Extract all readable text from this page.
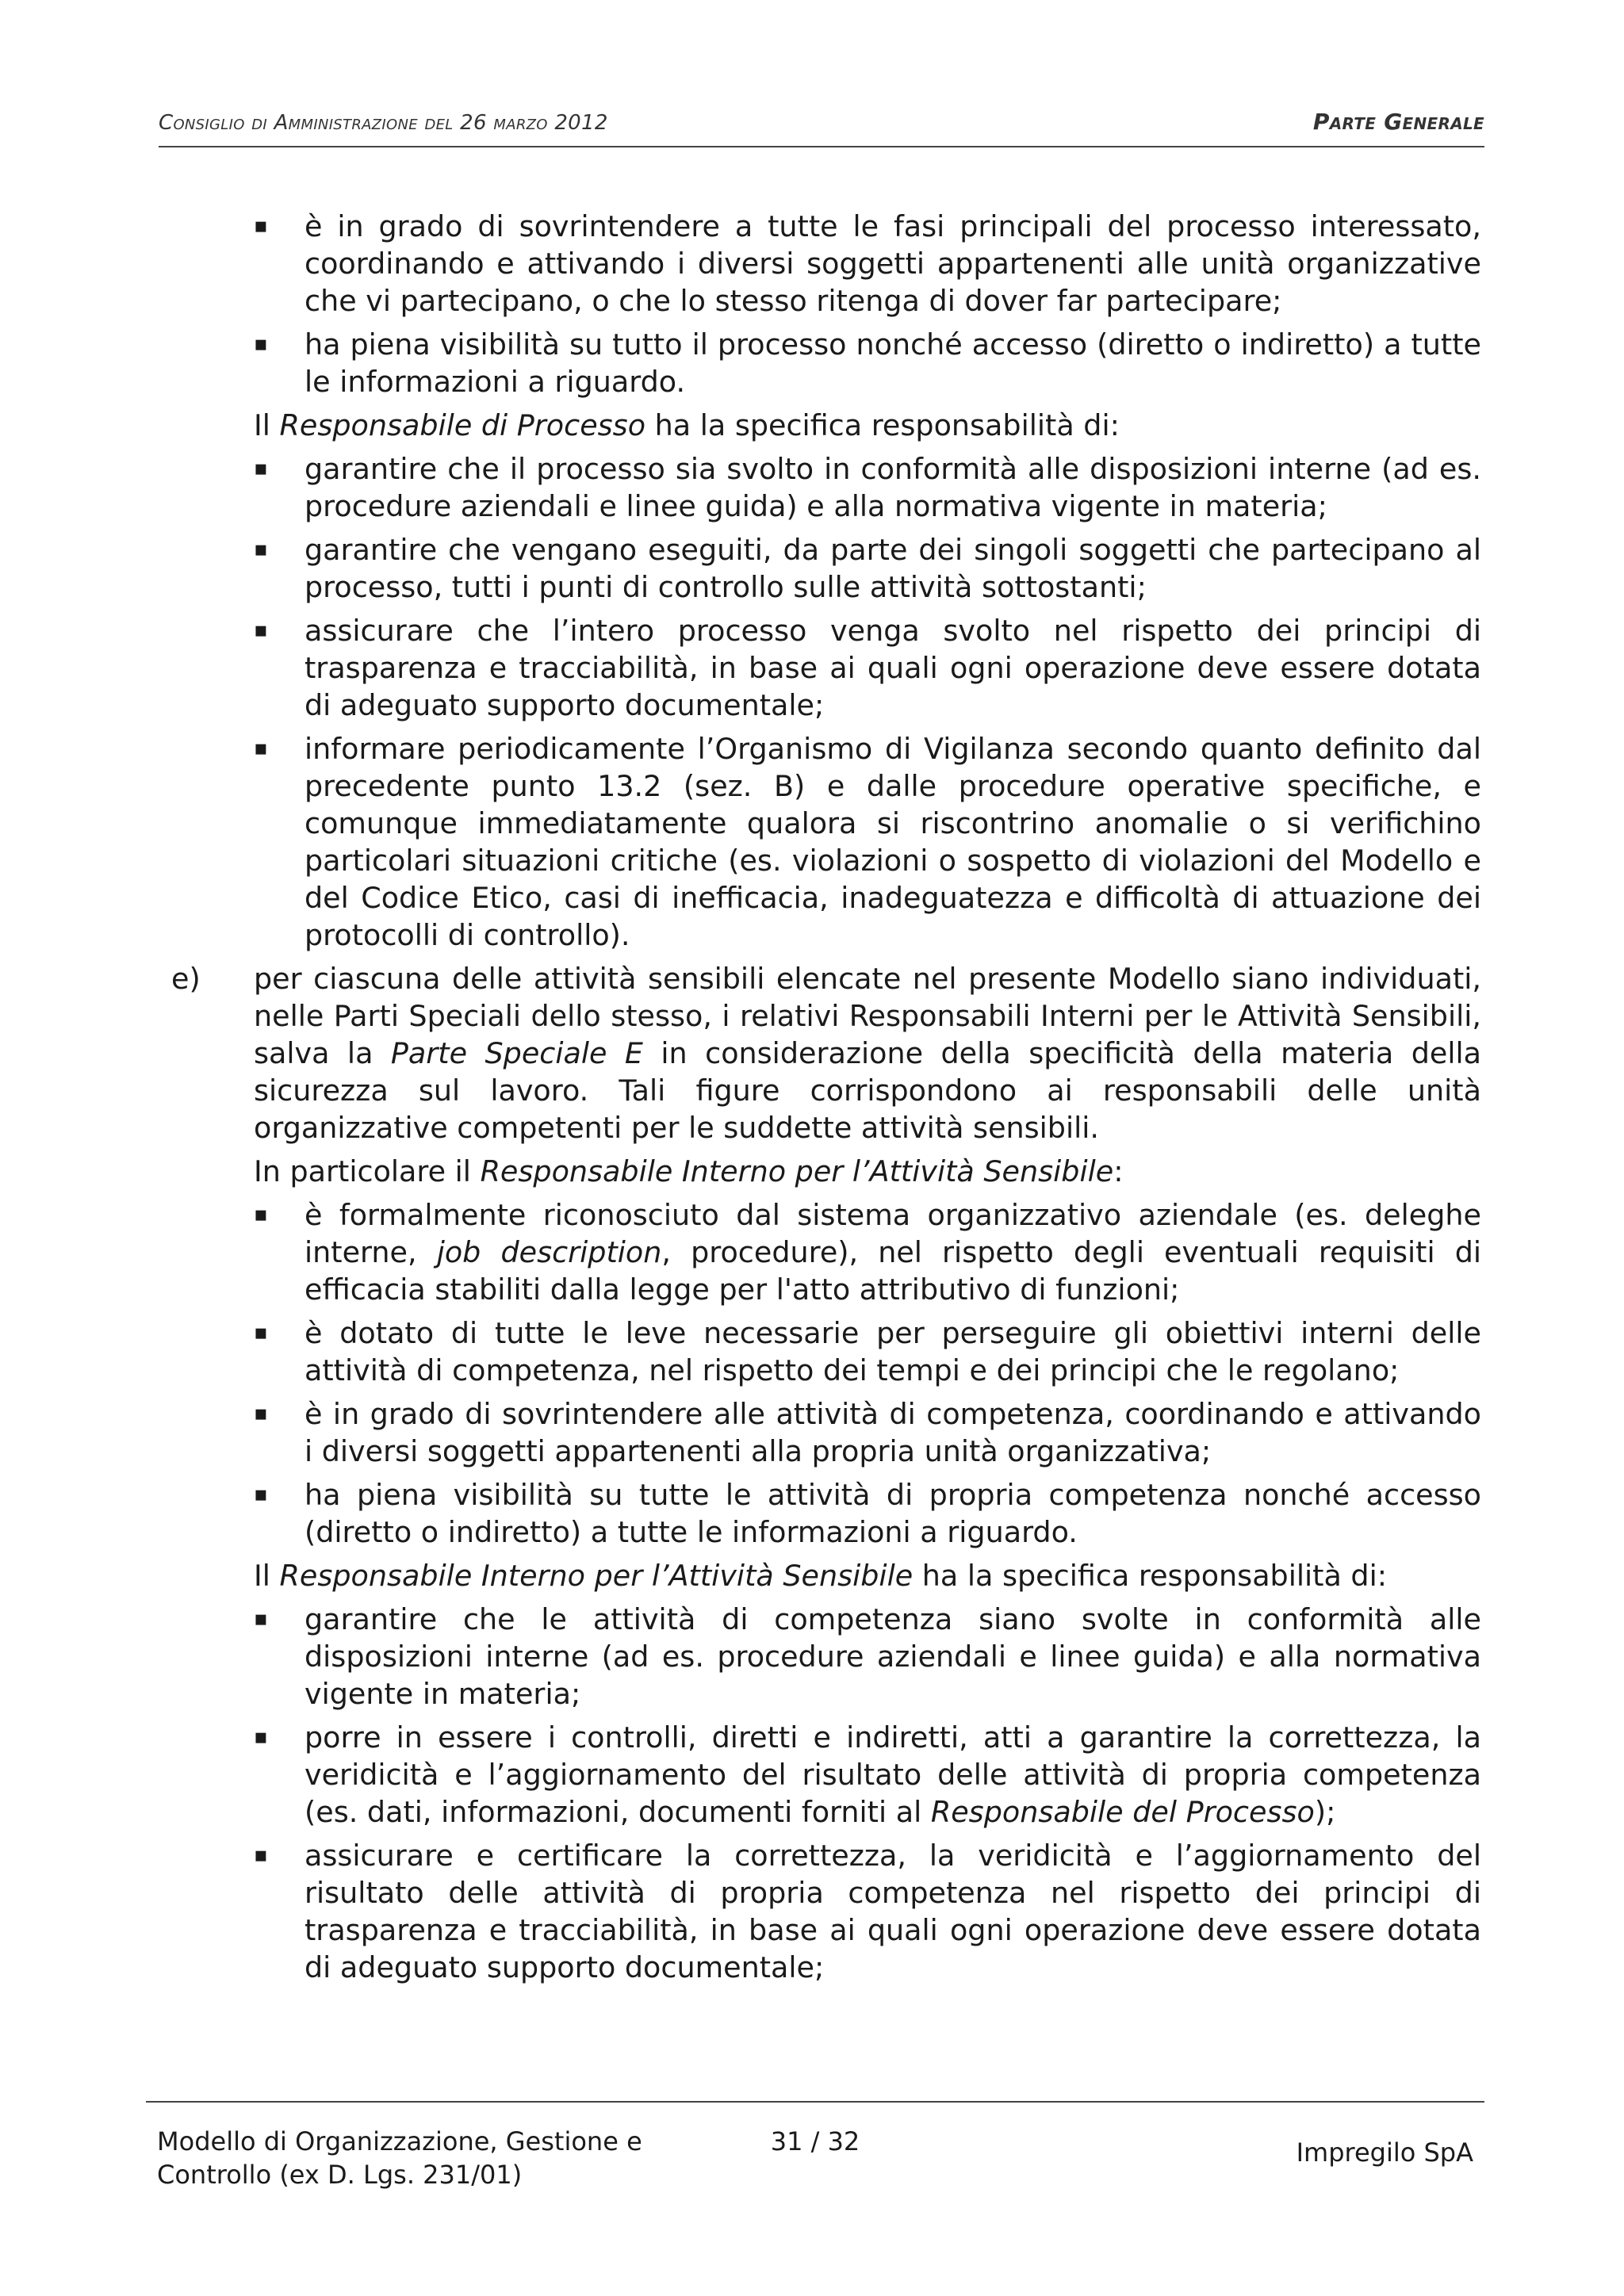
Consiglio di Amministrazione del 26 marzo 2012	Parte Generale
▪ è in grado di sovrintendere a tutte le fasi principali del processo interessato, coordinando e attivando i diversi soggetti appartenenti alle unità organizzative che vi partecipano, o che lo stesso ritenga di dover far partecipare;
▪ ha piena visibilità su tutto il processo nonché accesso (diretto o indiretto) a tutte le informazioni a riguardo.

Il Responsabile di Processo ha la specifica responsabilità di:

▪ garantire che il processo sia svolto in conformità alle disposizioni interne (ad es. procedure aziendali e linee guida) e alla normativa vigente in materia;
▪ garantire che vengano eseguiti, da parte dei singoli soggetti che partecipano al processo, tutti i punti di controllo sulle attività sottostanti;
▪ assicurare che l’intero processo venga svolto nel rispetto dei principi di trasparenza e tracciabilità, in base ai quali ogni operazione deve essere dotata di adeguato supporto documentale;
▪ informare periodicamente l’Organismo di Vigilanza secondo quanto definito dal precedente punto 13.2 (sez. B) e dalle procedure operative specifiche, e comunque immediatamente qualora si riscontrino anomalie o si verifichino particolari situazioni critiche (es. violazioni o sospetto di violazioni del Modello e del Codice Etico, casi di inefficacia, inadeguatezza e difficoltà di attuazione dei protocolli di controllo).
e) per ciascuna delle attività sensibili elencate nel presente Modello siano individuati, nelle Parti Speciali dello stesso, i relativi Responsabili Interni per le Attività Sensibili, salva la Parte Speciale E in considerazione della specificità della materia della sicurezza sul lavoro. Tali figure corrispondono ai responsabili delle unità organizzative competenti per le suddette attività sensibili.

In particolare il Responsabile Interno per l’Attività Sensibile:

▪ è formalmente riconosciuto dal sistema organizzativo aziendale (es. deleghe interne, job description, procedure), nel rispetto degli eventuali requisiti di efficacia stabiliti dalla legge per l'atto attributivo di funzioni;
▪ è dotato di tutte le leve necessarie per perseguire gli obiettivi interni delle attività di competenza, nel rispetto dei tempi e dei principi che le regolano;
▪ è in grado di sovrintendere alle attività di competenza, coordinando e attivando i diversi soggetti appartenenti alla propria unità organizzativa;
▪ ha piena visibilità su tutte le attività di propria competenza nonché accesso (diretto o indiretto) a tutte le informazioni a riguardo.

Il Responsabile Interno per l’Attività Sensibile ha la specifica responsabilità di:

▪ garantire che le attività di competenza siano svolte in conformità alle disposizioni interne (ad es. procedure aziendali e linee guida) e alla normativa vigente in materia;
▪ porre in essere i controlli, diretti e indiretti, atti a garantire la correttezza, la veridicità e l’aggiornamento del risultato delle attività di propria competenza (es. dati, informazioni, documenti forniti al Responsabile del Processo);
▪ assicurare e certificare la correttezza, la veridicità e l’aggiornamento del risultato delle attività di propria competenza nel rispetto dei principi di trasparenza e tracciabilità, in base ai quali ogni operazione deve essere dotata di adeguato supporto documentale;
Modello di Organizzazione, Gestione e
Controllo (ex D. Lgs. 231/01)
31 / 32	Impregilo SpA
